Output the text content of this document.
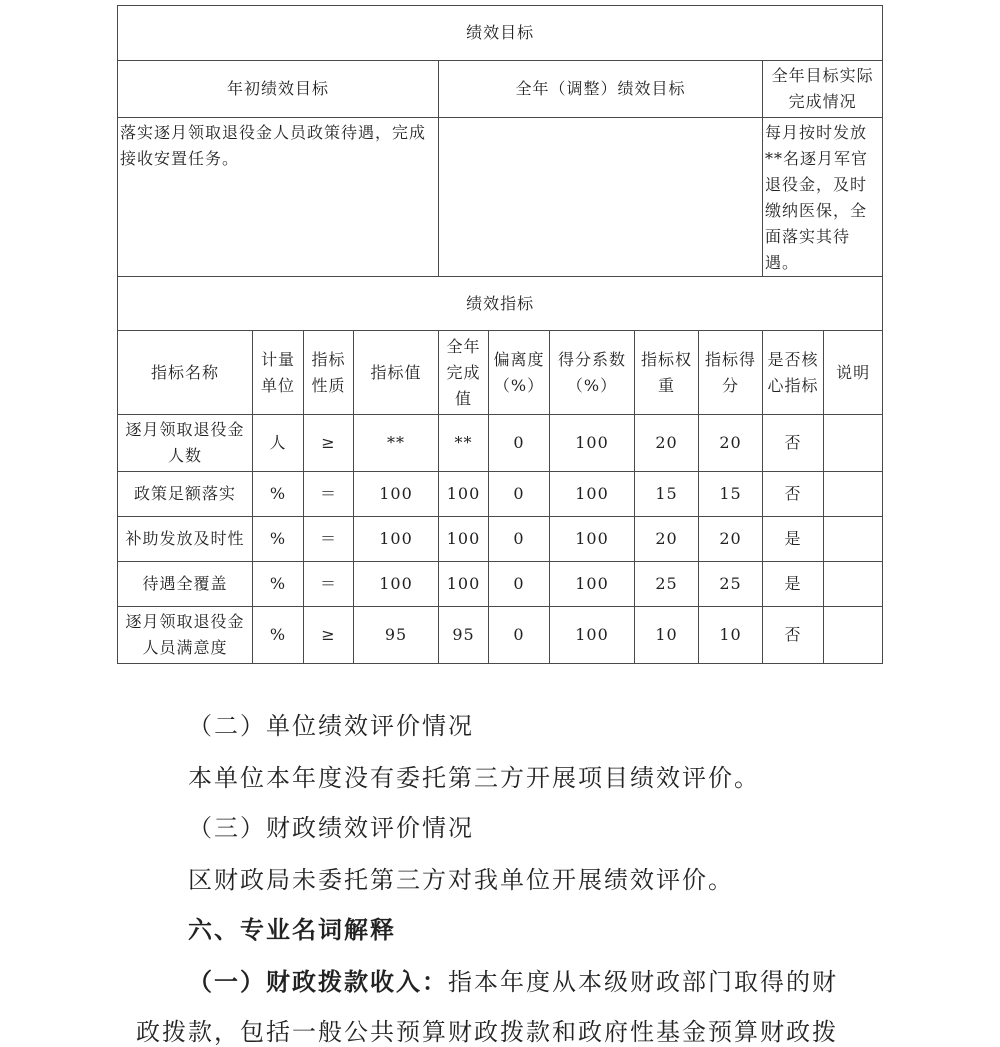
绩效目标										
年初绩效目标				全年（调整）绩效目标					全年目标实际完成情况	
落实逐月领取退役金人员政策待遇，完成接收安置任务。									每月按时发放**名逐月军官退役金，及时缴纳医保，全面落实其待遇。	
绩效指标										
指标名称	计量单位	指标性质	指标值	全年完成值	偏离度（%）	得分系数（%）	指标权重	指标得分	是否核心指标	说明
逐月领取退役金人数	人	≥	**	**	0	100	20	20	否	
政策足额落实	%	＝	100	100	0	100	15	15	否	
补助发放及时性	%	＝	100	100	0	100	20	20	是	
待遇全覆盖	%	＝	100	100	0	100	25	25	是	
逐月领取退役金人员满意度	%	≥	95	95	0	100	10	10	否	
（二）单位绩效评价情况
本单位本年度没有委托第三方开展项目绩效评价。
（三）财政绩效评价情况
区财政局未委托第三方对我单位开展绩效评价。
六、专业名词解释
（一）财政拨款收入：指本年度从本级财政部门取得的财
政拨款，包括一般公共预算财政拨款和政府性基金预算财政拨
